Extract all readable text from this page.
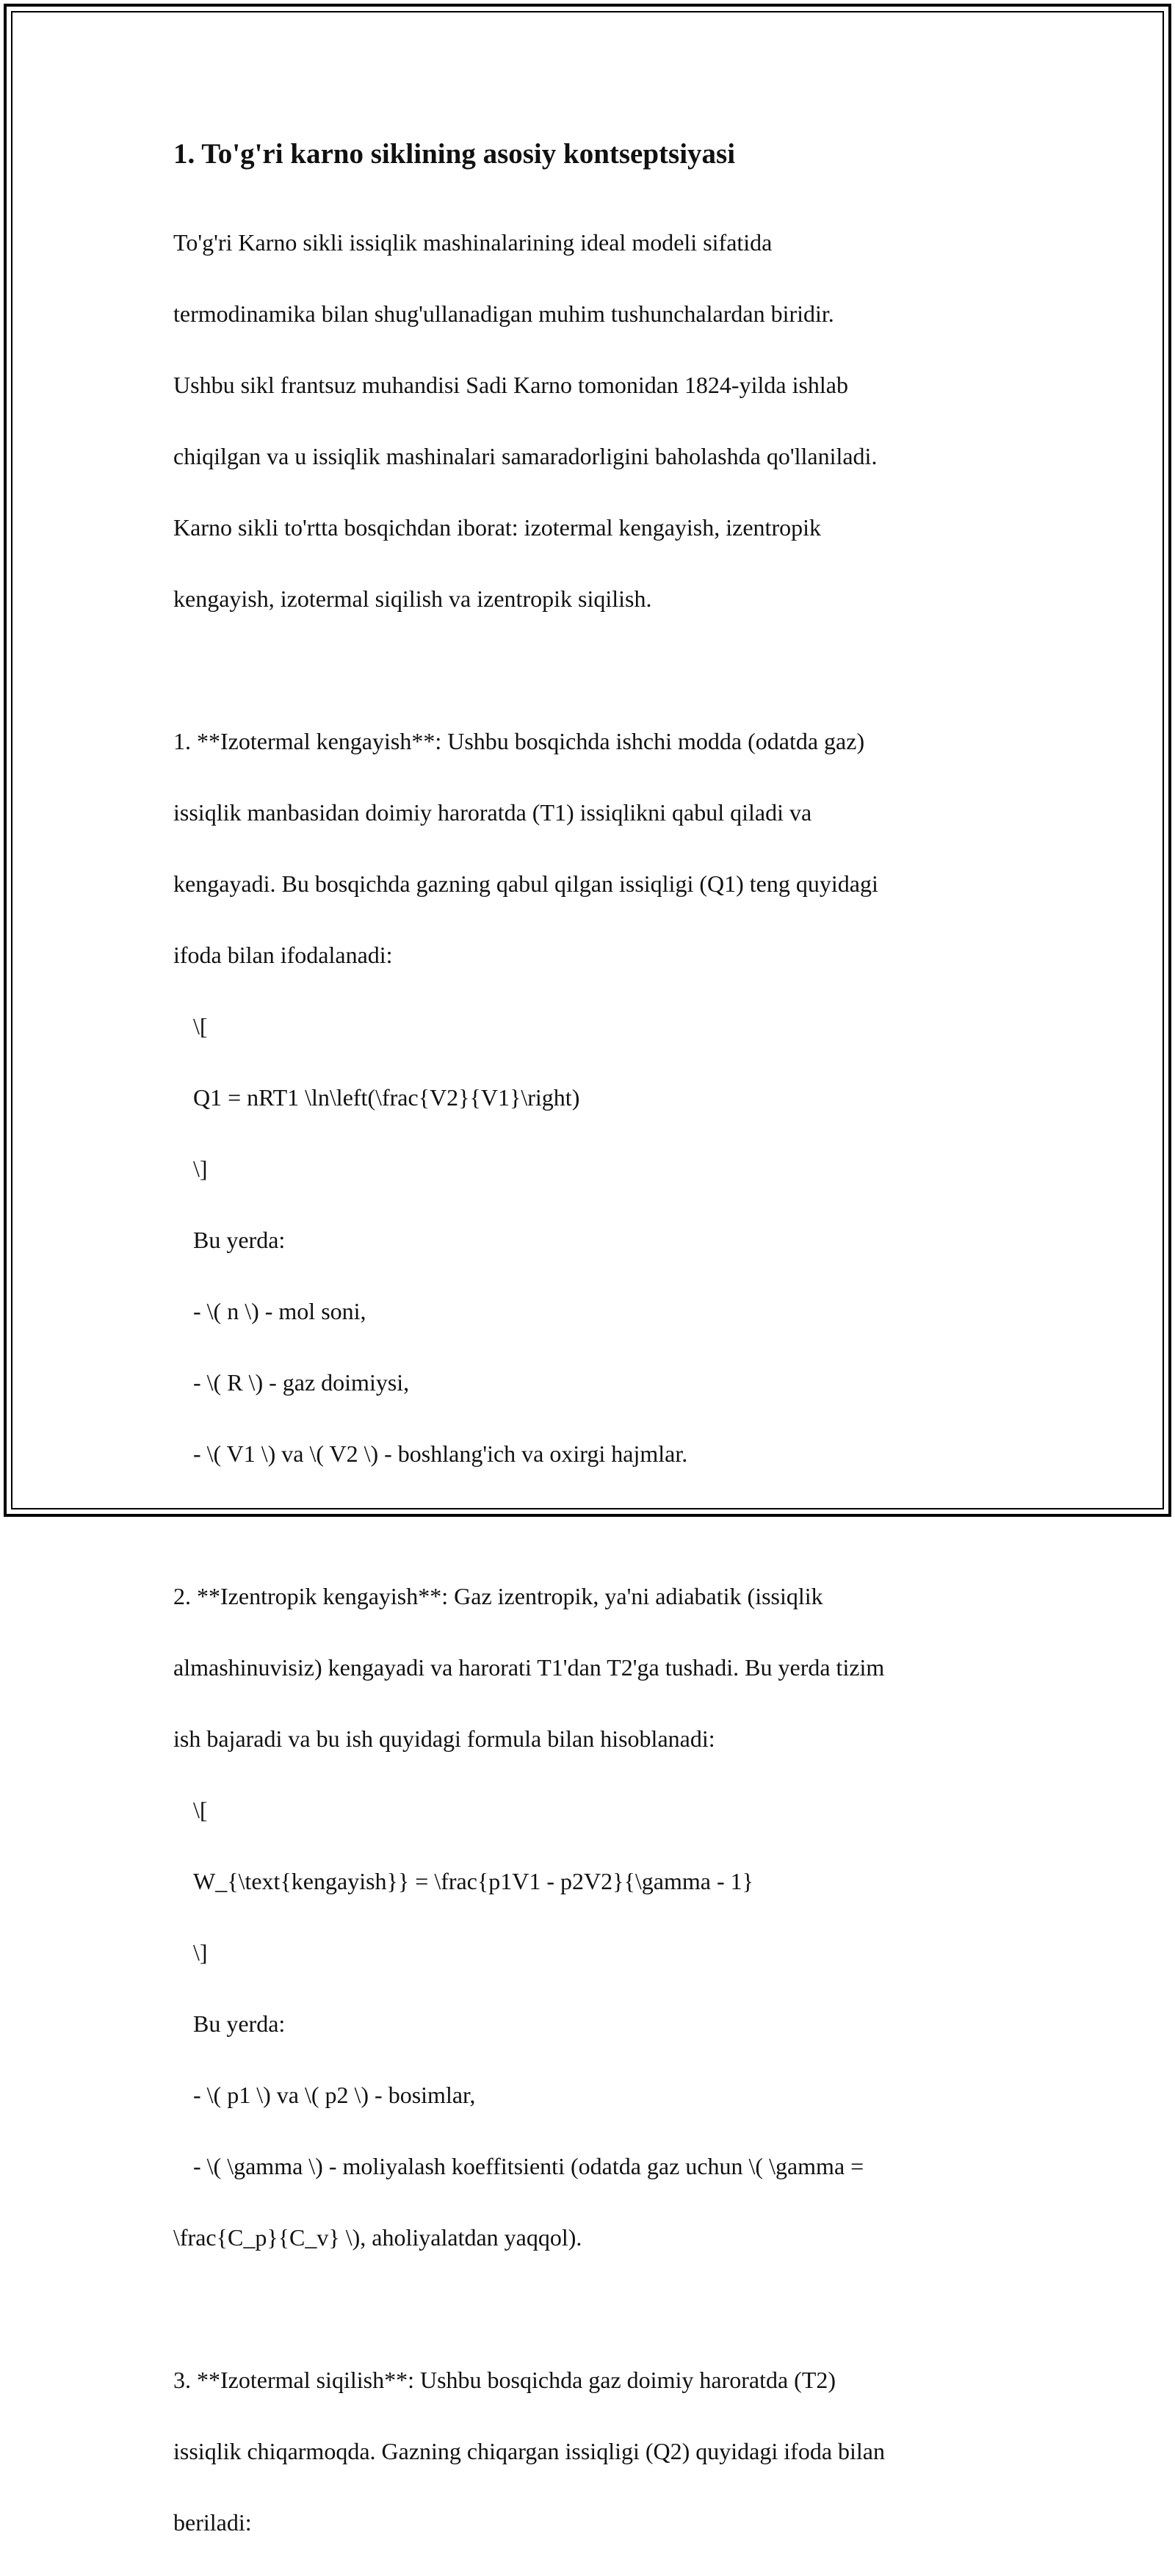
1. To'g'ri karno siklining asosiy kontseptsiyasi

To'g'ri Karno sikli issiqlik mashinalarining ideal modeli sifatida

termodinamika bilan shug'ullanadigan muhim tushunchalardan biridir.

Ushbu sikl frantsuz muhandisi Sadi Karno tomonidan 1824-yilda ishlab

chiqilgan va u issiqlik mashinalari samaradorligini baholashda qo'llaniladi.

Karno sikli to'rtta bosqichdan iborat: izotermal kengayish, izentropik

kengayish, izotermal siqilish va izentropik siqilish.

1. **Izotermal kengayish**: Ushbu bosqichda ishchi modda (odatda gaz)

issiqlik manbasidan doimiy haroratda (T1) issiqlikni qabul qiladi va

kengayadi. Bu bosqichda gazning qabul qilgan issiqligi (Q1) teng quyidagi

ifoda bilan ifodalanadi:

\[

Q1 = nRT1 \ln\left(\frac{V2}{V1}\right)

\]

Bu yerda:

- \( n \) - mol soni,

- \( R \) - gaz doimiysi,

- \( V1 \) va \( V2 \) - boshlang'ich va oxirgi hajmlar.

2. **Izentropik kengayish**: Gaz izentropik, ya'ni adiabatik (issiqlik

almashinuvisiz) kengayadi va harorati T1'dan T2'ga tushadi. Bu yerda tizim

ish bajaradi va bu ish quyidagi formula bilan hisoblanadi:

\[

W_{\text{kengayish}} = \frac{p1V1 - p2V2}{\gamma - 1}

\]

Bu yerda:

- \( p1 \) va \( p2 \) - bosimlar,

- \( \gamma \) - moliyalash koeffitsienti (odatda gaz uchun \( \gamma =

\frac{C_p}{C_v} \), aholiyalatdan yaqqol).

3. **Izotermal siqilish**: Ushbu bosqichda gaz doimiy haroratda (T2)

issiqlik chiqarmoqda. Gazning chiqargan issiqligi (Q2) quyidagi ifoda bilan

beriladi:
